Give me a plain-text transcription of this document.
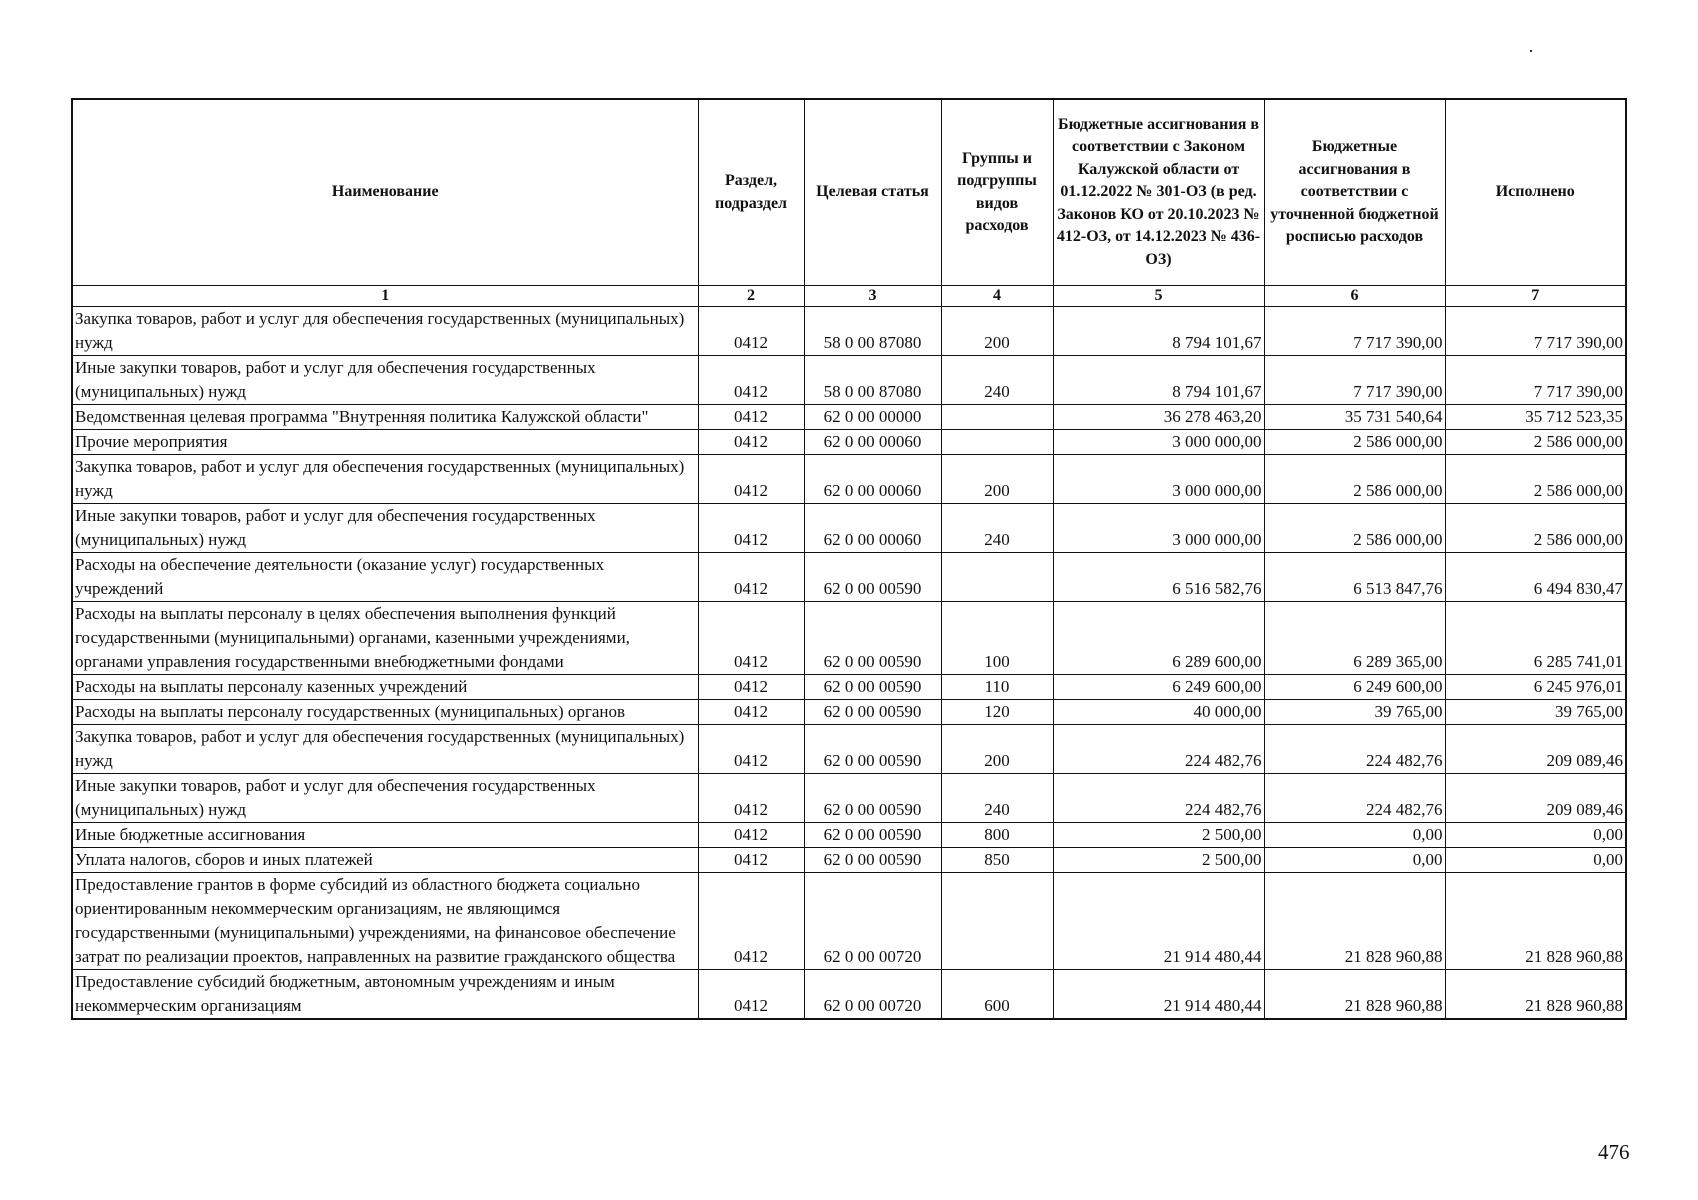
Наименование	Раздел, подраздел	Целевая статья	Группы и подгруппы видов расходов	Бюджетные ассигнования в соответствии с Законом Калужской области от 01.12.2022 № 301-ОЗ (в ред. Законов КО от 20.10.2023 № 412-ОЗ, от 14.12.2023 № 436-ОЗ)	Бюджетные ассигнования в соответствии с уточненной бюджетной росписью расходов	Исполнено
1	2	3	4	5	6	7
Закупка товаров, работ и услуг для обеспечения государственных (муниципальных) нужд	0412	58 0 00 87080	200	8 794 101,67	7 717 390,00	7 717 390,00
Иные закупки товаров, работ и услуг для обеспечения государственных (муниципальных) нужд	0412	58 0 00 87080	240	8 794 101,67	7 717 390,00	7 717 390,00
Ведомственная целевая программа "Внутренняя политика Калужской области"	0412	62 0 00 00000		36 278 463,20	35 731 540,64	35 712 523,35
Прочие мероприятия	0412	62 0 00 00060		3 000 000,00	2 586 000,00	2 586 000,00
Закупка товаров, работ и услуг для обеспечения государственных (муниципальных) нужд	0412	62 0 00 00060	200	3 000 000,00	2 586 000,00	2 586 000,00
Иные закупки товаров, работ и услуг для обеспечения государственных (муниципальных) нужд	0412	62 0 00 00060	240	3 000 000,00	2 586 000,00	2 586 000,00
Расходы на обеспечение деятельности (оказание услуг) государственных учреждений	0412	62 0 00 00590		6 516 582,76	6 513 847,76	6 494 830,47
Расходы на выплаты персоналу в целях обеспечения выполнения функций государственными (муниципальными) органами, казенными учреждениями, органами управления государственными внебюджетными фондами	0412	62 0 00 00590	100	6 289 600,00	6 289 365,00	6 285 741,01
Расходы на выплаты персоналу казенных учреждений	0412	62 0 00 00590	110	6 249 600,00	6 249 600,00	6 245 976,01
Расходы на выплаты персоналу государственных (муниципальных) органов	0412	62 0 00 00590	120	40 000,00	39 765,00	39 765,00
Закупка товаров, работ и услуг для обеспечения государственных (муниципальных) нужд	0412	62 0 00 00590	200	224 482,76	224 482,76	209 089,46
Иные закупки товаров, работ и услуг для обеспечения государственных (муниципальных) нужд	0412	62 0 00 00590	240	224 482,76	224 482,76	209 089,46
Иные бюджетные ассигнования	0412	62 0 00 00590	800	2 500,00	0,00	0,00
Уплата налогов, сборов и иных платежей	0412	62 0 00 00590	850	2 500,00	0,00	0,00
Предоставление грантов в форме субсидий из областного бюджета социально ориентированным некоммерческим организациям, не являющимся государственными (муниципальными) учреждениями, на финансовое обеспечение затрат по реализации проектов, направленных на развитие гражданского общества	0412	62 0 00 00720		21 914 480,44	21 828 960,88	21 828 960,88
Предоставление субсидий бюджетным, автономным учреждениям и иным некоммерческим организациям	0412	62 0 00 00720	600	21 914 480,44	21 828 960,88	21 828 960,88
476
